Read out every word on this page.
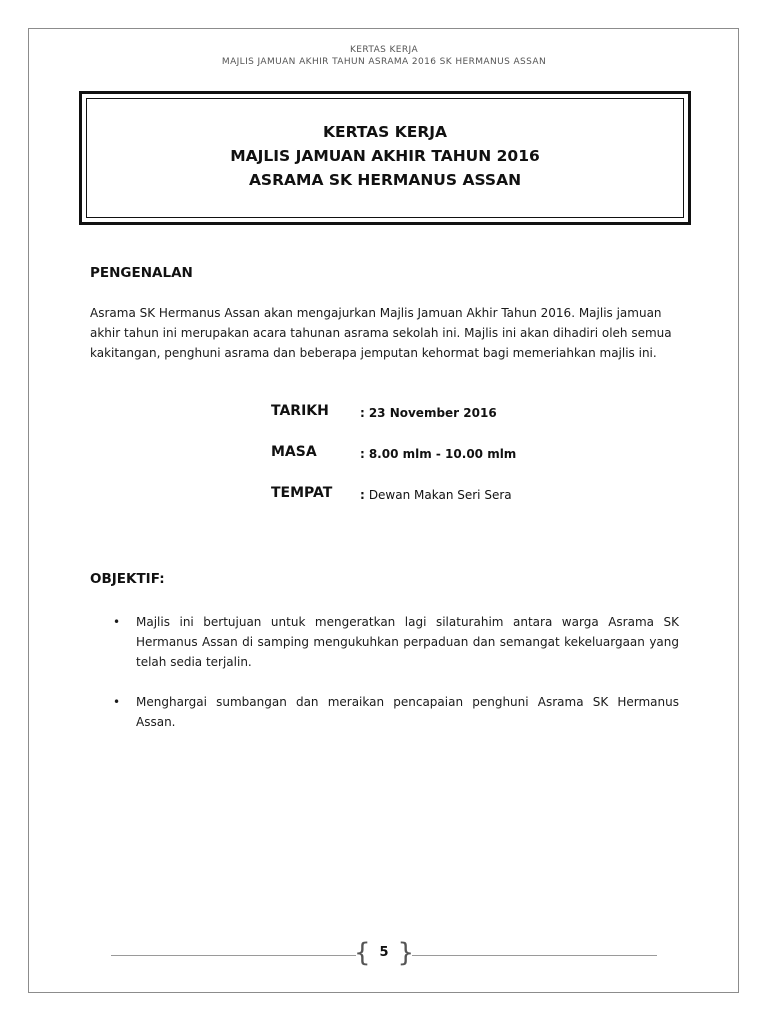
KERTAS KERJA
MAJLIS JAMUAN AKHIR TAHUN ASRAMA 2016 SK HERMANUS ASSAN
KERTAS KERJA
MAJLIS JAMUAN AKHIR TAHUN 2016
ASRAMA SK HERMANUS ASSAN
PENGENALAN
Asrama SK Hermanus Assan akan mengajurkan Majlis Jamuan Akhir Tahun 2016. Majlis jamuan akhir tahun ini merupakan acara tahunan asrama sekolah ini. Majlis ini akan dihadiri oleh semua kakitangan, penghuni asrama dan beberapa jemputan kehormat bagi memeriahkan majlis ini.
TARIKH	: 23 November 2016
MASA	: 8.00 mlm - 10.00 mlm
TEMPAT : Dewan Makan Seri Sera
OBJEKTIF:
• Majlis ini bertujuan untuk mengeratkan lagi silaturahim antara warga Asrama SK Hermanus Assan di samping mengukuhkan perpaduan dan semangat kekeluargaan yang telah sedia terjalin.
• Menghargai sumbangan dan meraikan pencapaian penghuni Asrama SK Hermanus Assan.
{ 5 }
